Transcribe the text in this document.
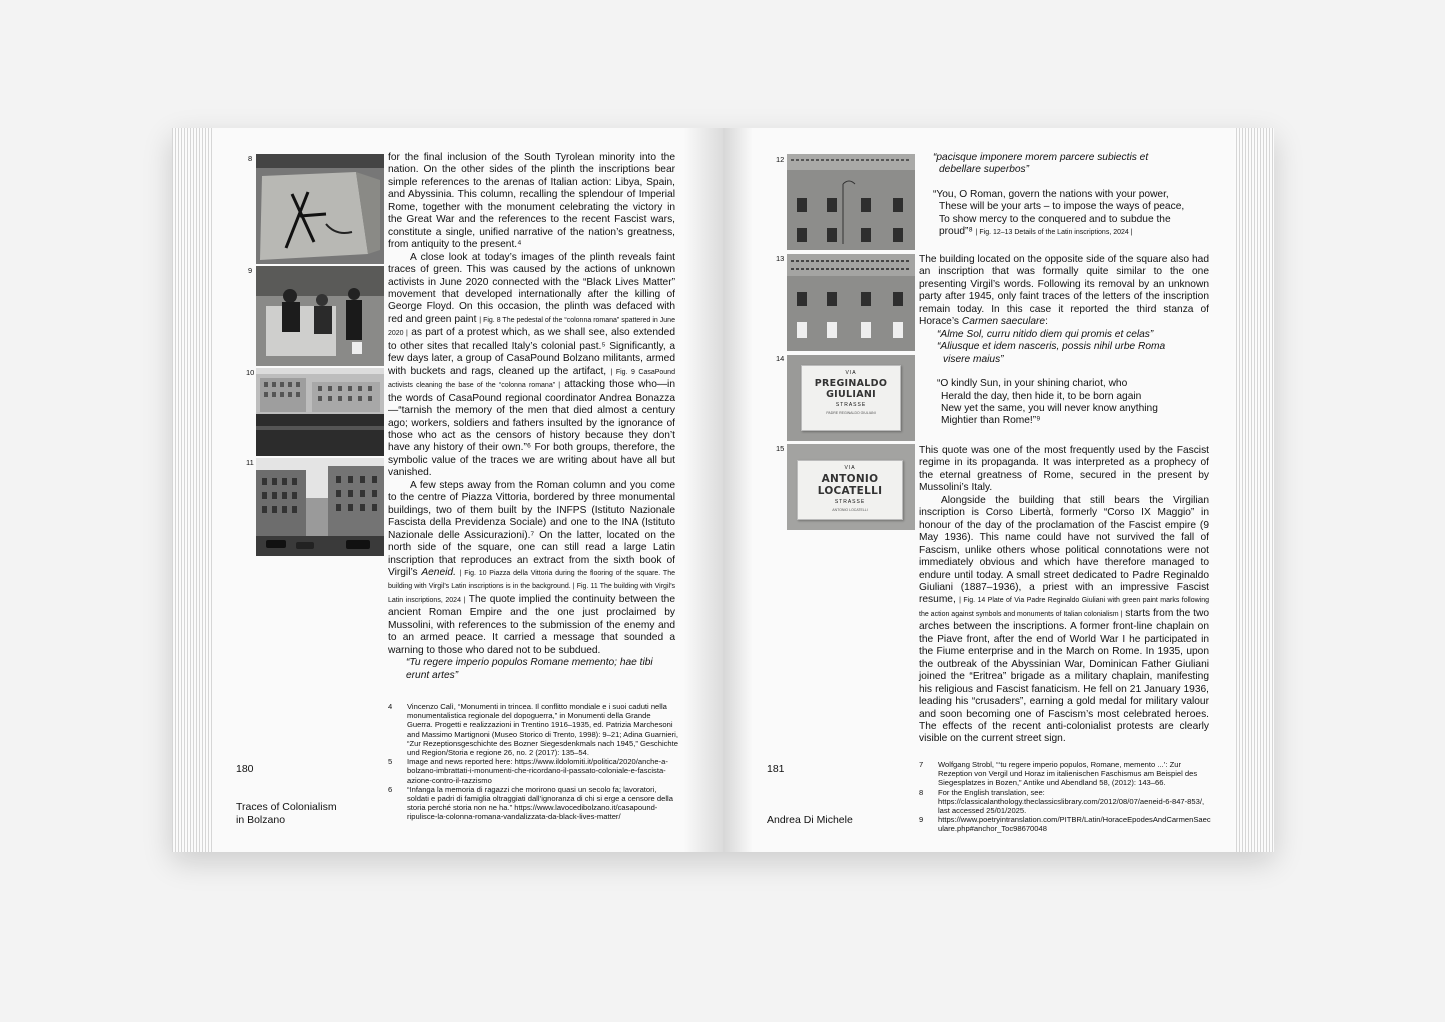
8
9
10
11

for the final inclusion of the South Tyrolean minority into the nation. On the other sides of the plinth the inscriptions bear simple references to the arenas of Italian action: Libya, Spain, and Abyssinia. This column, recalling the splendour of Imperial Rome, together with the monument celebrating the victory in the Great War and the references to the recent Fascist wars, constitute a single, unified narrative of the nation’s greatness, from antiquity to the present.⁴

A close look at today’s images of the plinth reveals faint traces of green. This was caused by the actions of unknown activists in June 2020 connected with the “Black Lives Matter” movement that developed internationally after the killing of George Floyd. On this occasion, the plinth was defaced with red and green paint | Fig. 8 The pedestal of the “colonna romana” spattered in June 2020 | as part of a protest which, as we shall see, also extended to other sites that recalled Italy’s colonial past.⁵ Significantly, a few days later, a group of CasaPound Bolzano militants, armed with buckets and rags, cleaned up the artifact, | Fig. 9 CasaPound activists cleaning the base of the “colonna romana” | attacking those who—in the words of CasaPound regional coordinator Andrea Bonazza—“tarnish the memory of the men that died almost a century ago; workers, soldiers and fathers insulted by the ignorance of those who act as the censors of history because they don’t have any history of their own.”⁶ For both groups, therefore, the symbolic value of the traces we are writing about have all but vanished.

A few steps away from the Roman column and you come to the centre of Piazza Vittoria, bordered by three monumental buildings, two of them built by the INFPS (Istituto Nazionale Fascista della Previdenza Sociale) and one to the INA (Istituto Nazionale delle Assicurazioni).⁷ On the latter, located on the north side of the square, one can still read a large Latin inscription that reproduces an extract from the sixth book of Virgil’s Aeneid. | Fig. 10 Piazza della Vittoria during the flooring of the square. The building with Virgil’s Latin inscriptions is in the background. | Fig. 11 The building with Virgil’s Latin inscriptions, 2024 | The quote implied the continuity between the ancient Roman Empire and the one just proclaimed by Mussolini, with references to the submission of the enemy and to an armed peace. It carried a message that sounded a warning to those who dared not to be subdued.

“Tu regere imperio populos Romane memento; hae tibi erunt artes”

4 Vincenzo Calì, “Monumenti in trincea. Il conflitto mondiale e i suoi caduti nella monumentalistica regionale del dopoguerra,” in Monumenti della Grande Guerra. Progetti e realizzazioni in Trentino 1916–1935, ed. Patrizia Marchesoni and Massimo Martignoni (Museo Storico di Trento, 1998): 9–21; Adina Guarnieri, “Zur Rezeptionsgeschichte des Bozner Siegesdenkmals nach 1945,” Geschichte und Region/Storia e regione 26, no. 2 (2017): 135–54.

5 Image and news reported here: https://www.ildolomiti.it/politica/2020/anche-a-bolzano-imbrattati-i-monumenti-che-ricordano-il-passato-coloniale-e-fascista-azione-contro-il-razzismo

6 “Infanga la memoria di ragazzi che morirono quasi un secolo fa; lavoratori, soldati e padri di famiglia oltraggiati dall’ignoranza di chi si erge a censore della storia perché storia non ne ha.” https://www.lavocedibolzano.it/casapound-ripulisce-la-colonna-romana-vandalizzata-da-black-lives-matter/

180
Traces of Colonialism
in Bolzano
12
13
14
15
VIA
PREGINALDO GIULIANI
STRASSE
PADRE REGINALDO GIULIANI
VIA
ANTONIO LOCATELLI
STRASSE
ANTONIO LOCATELLI

“pacisque imponere morem parcere subiectis et
debellare superbos”

“You, O Roman, govern the nations with your power,
These will be your arts – to impose the ways of peace,
To show mercy to the conquered and to subdue the
proud”⁸ | Fig. 12–13 Details of the Latin inscriptions, 2024 |

The building located on the opposite side of the square also had an inscription that was formally quite similar to the one presenting Virgil’s words. Following its removal by an unknown party after 1945, only faint traces of the letters of the inscription remain today. In this case it reported the third stanza of Horace’s Carmen saeculare:

“Alme Sol, curru nitido diem qui promis et celas”
“Aliusque et idem nasceris, possis nihil urbe Roma
visere maius”

“O kindly Sun, in your shining chariot, who
Herald the day, then hide it, to be born again
New yet the same, you will never know anything
Mightier than Rome!”⁹

This quote was one of the most frequently used by the Fascist regime in its propaganda. It was interpreted as a prophecy of the eternal greatness of Rome, secured in the present by Mussolini’s Italy.

Alongside the building that still bears the Virgilian inscription is Corso Libertà, formerly “Corso IX Maggio” in honour of the day of the proclamation of the Fascist empire (9 May 1936). This name could have not survived the fall of Fascism, unlike others whose political connotations were not immediately obvious and which have therefore managed to endure until today. A small street dedicated to Padre Reginaldo Giuliani (1887–1936), a priest with an impressive Fascist resume, | Fig. 14 Plate of Via Padre Reginaldo Giuliani with green paint marks following the action against symbols and monuments of Italian colonialism | starts from the two arches between the inscriptions. A former front-line chaplain on the Piave front, after the end of World War I he participated in the Fiume enterprise and in the March on Rome. In 1935, upon the outbreak of the Abyssinian War, Dominican Father Giuliani joined the “Eritrea” brigade as a military chaplain, manifesting his religious and Fascist fanaticism. He fell on 21 January 1936, leading his “crusaders”, earning a gold medal for military valour and soon becoming one of Fascism’s most celebrated heroes. The effects of the recent anti-colonialist protests are clearly visible on the current street sign.

7 Wolfgang Strobl, “‘tu regere imperio populos, Romane, memento ...’: Zur Rezeption von Vergil und Horaz im italienischen Faschismus am Beispiel des Siegesplatzes in Bozen,” Antike und Abendland 58, (2012): 143–66.

8 For the English translation, see: https://classicalanthology.theclassicslibrary.com/2012/08/07/aeneid-6-847-853/, last accessed 25/01/2025.

9 https://www.poetryintranslation.com/PITBR/Latin/HoraceEpodesAndCarmenSaeculare.php#anchor_Toc98670048

181
Andrea Di Michele
